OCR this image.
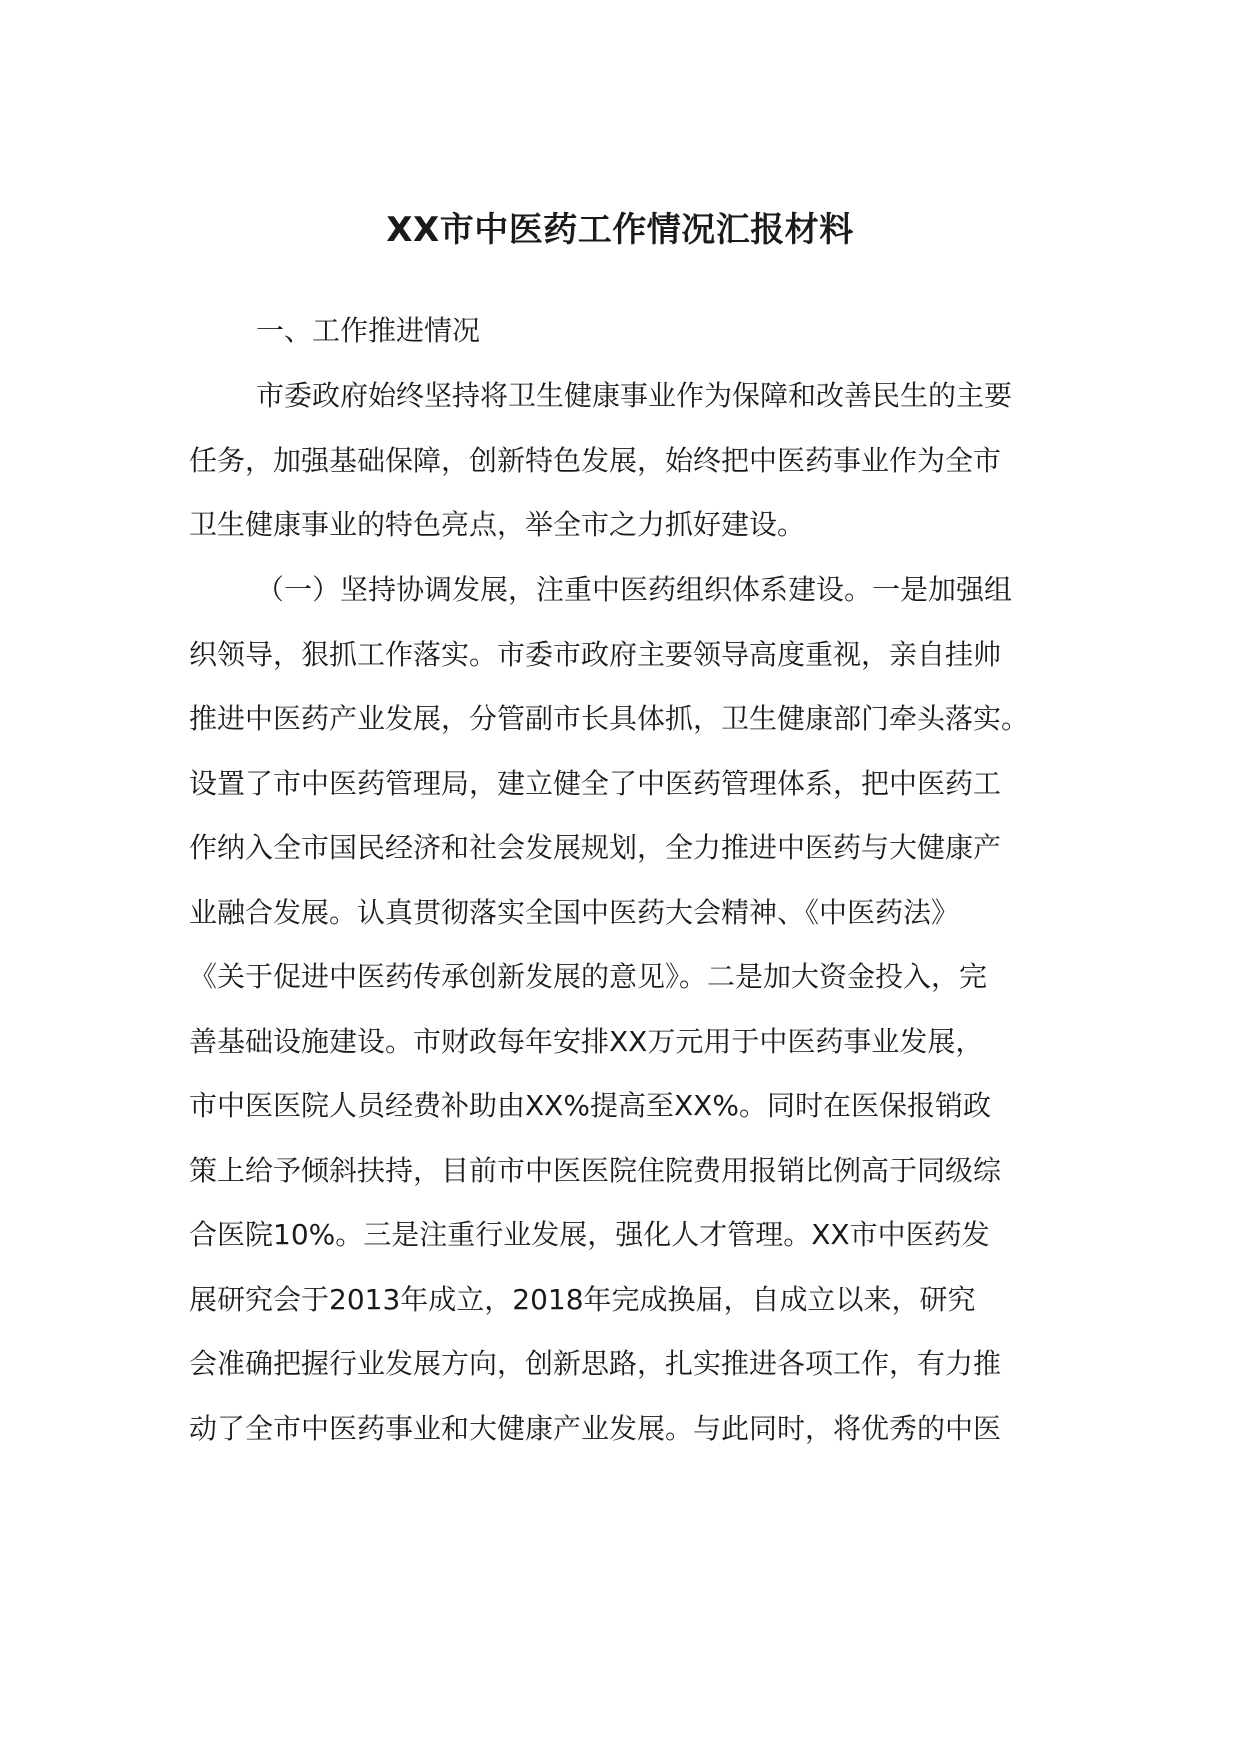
XX市中医药工作情况汇报材料

一、工作推进情况

市委政府始终坚持将卫生健康事业作为保障和改善民生的主要
任务，加强基础保障，创新特色发展，始终把中医药事业作为全市
卫生健康事业的特色亮点，举全市之力抓好建设。
（一）坚持协调发展，注重中医药组织体系建设。一是加强组
织领导，狠抓工作落实。市委市政府主要领导高度重视，亲自挂帅
推进中医药产业发展，分管副市长具体抓，卫生健康部门牵头落实。
设置了市中医药管理局，建立健全了中医药管理体系，把中医药工
作纳入全市国民经济和社会发展规划，全力推进中医药与大健康产
业融合发展。认真贯彻落实全国中医药大会精神、《中医药法》
《关于促进中医药传承创新发展的意见》。二是加大资金投入，完
善基础设施建设。市财政每年安排XX万元用于中医药事业发展，
市中医医院人员经费补助由XX%提高至XX%。同时在医保报销政
策上给予倾斜扶持，目前市中医医院住院费用报销比例高于同级综
合医院10%。三是注重行业发展，强化人才管理。XX市中医药发
展研究会于2013年成立，2018年完成换届，自成立以来，研究
会准确把握行业发展方向，创新思路，扎实推进各项工作，有力推
动了全市中医药事业和大健康产业发展。与此同时，将优秀的中医
